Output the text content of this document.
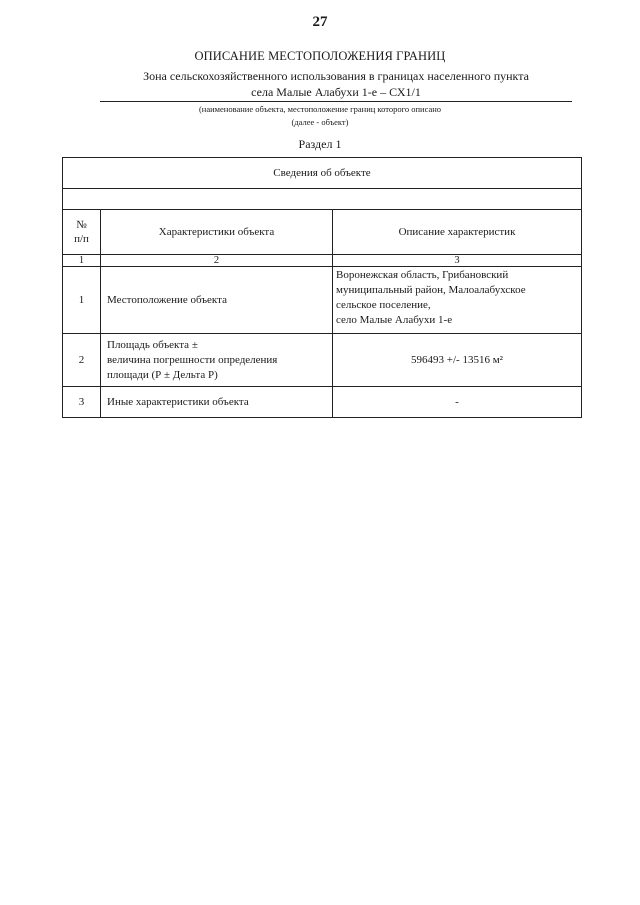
27
ОПИСАНИЕ МЕСТОПОЛОЖЕНИЯ ГРАНИЦ
Зона сельскохозяйственного использования в границах населенного пункта
села Малые Алабухи 1-е – СХ1/1
(наименование объекта, местоположение границ которого описано
(далее - объект)
Раздел 1
Сведения об объекте		

№
п/п	Характеристики объекта	Описание характеристик
1	2	3
1	Местоположение объекта	Воронежская область, Грибановский
муниципальный район, Малоалабухское
сельское поселение,
село Малые Алабухи 1-е

2	Площадь объекта ±
величина погрешности определения
площади (Р ± Дельта Р)	596493 +/- 13516 м²
3	Иные характеристики объекта	-
